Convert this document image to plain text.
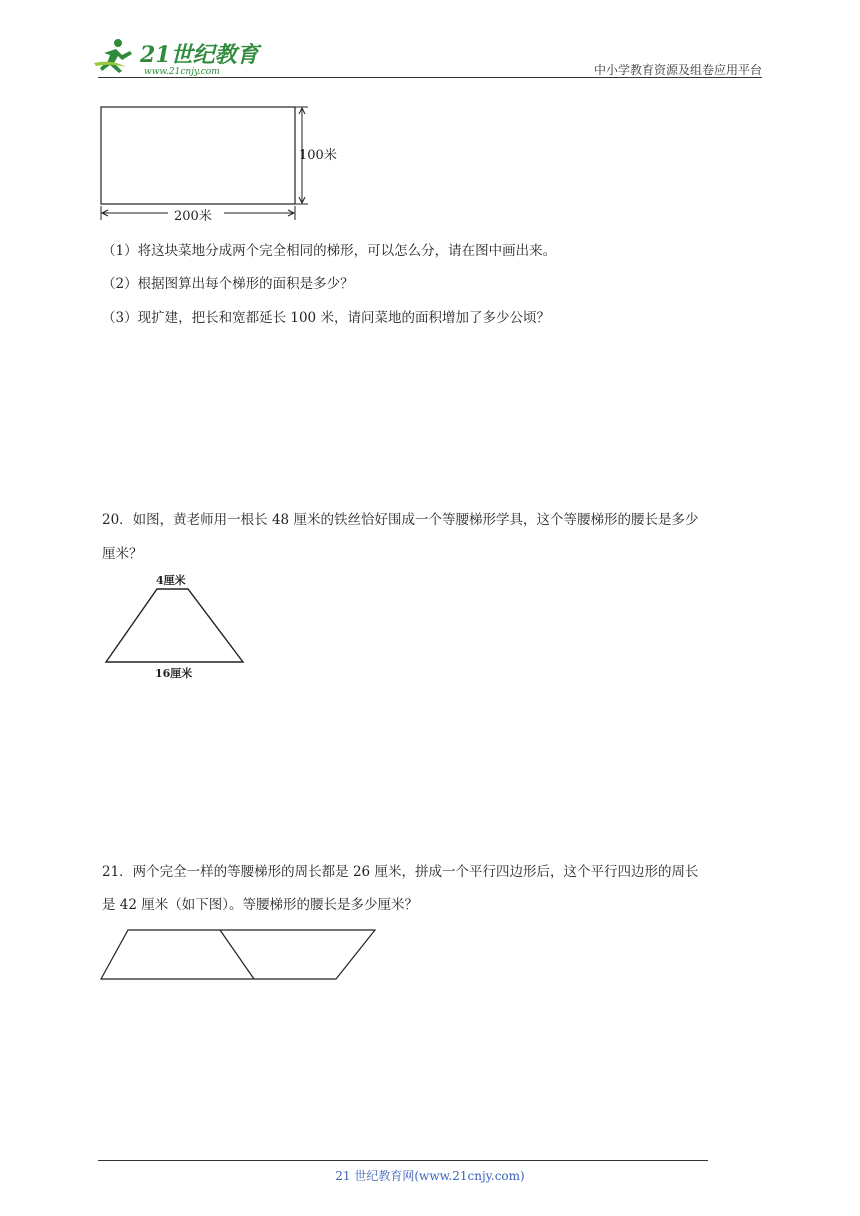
21世纪教育
www.21cnjy.com	中小学教育资源及组卷应用平台
100米
200米
（1）将这块菜地分成两个完全相同的梯形，可以怎么分，请在图中画出来。
（2）根据图算出每个梯形的面积是多少？
（3）现扩建，把长和宽都延长 100 米，请问菜地的面积增加了多少公顷？
20．如图，黄老师用一根长 48 厘米的铁丝恰好围成一个等腰梯形学具，这个等腰梯形的腰长是多少
厘米？
4厘米
16厘米
21．两个完全一样的等腰梯形的周长都是 26 厘米，拼成一个平行四边形后，这个平行四边形的周长
是 42 厘米（如下图）。等腰梯形的腰长是多少厘米？
21 世纪教育网(www.21cnjy.com)
